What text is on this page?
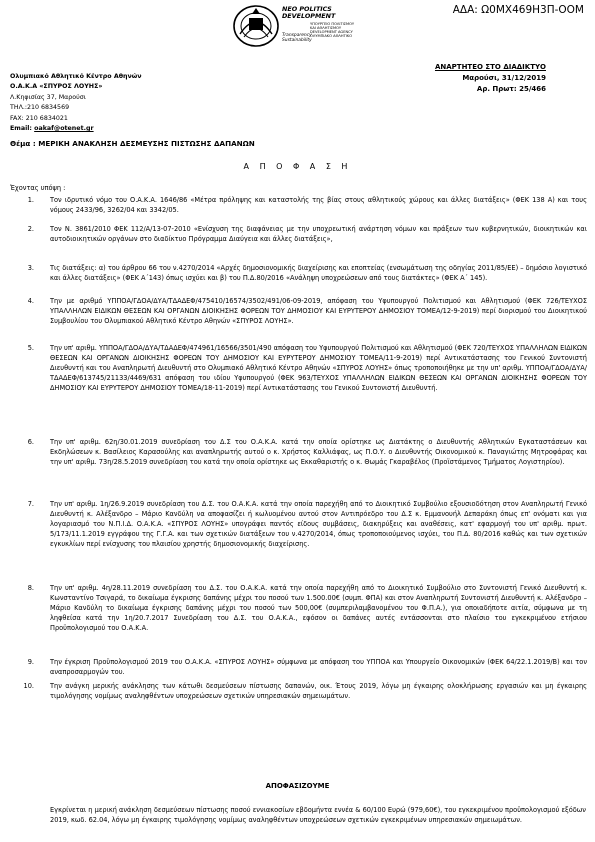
ΑΔΑ: Ω0ΜΧ469Η3Π-ΟΟΜ
NEO POLITICS
DEVELOPMENT
ΥΠΟΥΡΓΕΙΟ ΠΟΛΙΤΙΣΜΟΥ
ΚΑΙ ΑΘΛΗΤΙΣΜΟΥ
DEVELOPMENT AGENCY
ΟΛΥΜΠΙΑΚΟ ΑΘΛΗΤΙΚΟ
Transparency
Sustainability
Ολυμπιακό Αθλητικό Κέντρο Αθηνών
Ο.Α.Κ.Α «ΣΠΥΡΟΣ ΛΟΥΗΣ»
Λ.Κηφισίας 37, Μαρούσι
ΤΗΛ.:210 6834569
FAX: 210 6834021
Email: oakaf@otenet.gr
ΑΝΑΡΤΗΤΕΟ ΣΤΟ ΔΙΑΔΙΚΤΥΟ
Μαρούσι, 31/12/2019
Αρ. Πρωτ: 25/466
Θέμα : ΜΕΡΙΚΗ ΑΝΑΚΛΗΣΗ ΔΕΣΜΕΥΣΗΣ ΠΙΣΤΩΣΗΣ ΔΑΠΑΝΩΝ
Α Π Ο Φ Α Σ Η
Έχοντας υπόψη :
1. Τον ιδρυτικό νόμο του Ο.Α.Κ.Α. 1646/86 «Μέτρα πρόληψης και καταστολής της βίας στους αθλητικούς χώρους και άλλες διατάξεις» (ΦΕΚ 138 Α) και τους νόμους 2433/96, 3262/04 και 3342/05.
2. Τον Ν. 3861/2010 ΦΕΚ 112/Α/13-07-2010 «Ενίσχυση της διαφάνειας με την υποχρεωτική ανάρτηση νόμων και πράξεων των κυβερνητικών, διοικητικών και αυτοδιοικητικών οργάνων στο διαδίκτυο Πρόγραμμα Διαύγεια και άλλες διατάξεις»,
3. Τις διατάξεις: α) του άρθρου 66 του ν.4270/2014 «Αρχές δημοσιονομικής διαχείρισης και εποπτείας (ενσωμάτωση της οδηγίας 2011/85/ΕΕ) – δημόσιο λογιστικό και άλλες διατάξεις» (ΦΕΚ Α΄143) όπως ισχύει και β) του Π.Δ.80/2016 «Ανάληψη υποχρεώσεων από τους διατάκτες» (ΦΕΚ Α΄ 145).
4. Την με αριθμό ΥΠΠΟΑ/ΓΔΟΑ/ΔΥΑ/ΤΔΑΔΕΦ/475410/16574/3502/491/06-09-2019, απόφαση του Υφυπουργού Πολιτισμού και Αθλητισμού (ΦΕΚ 726/ΤΕΥΧΟΣ ΥΠΑΛΛΗΛΩΝ ΕΙΔΙΚΩΝ ΘΕΣΕΩΝ ΚΑΙ ΟΡΓΑΝΩΝ ΔΙΟΙΚΗΣΗΣ ΦΟΡΕΩΝ ΤΟΥ ΔΗΜΟΣΙΟΥ ΚΑΙ ΕΥΡΥΤΕΡΟΥ ΔΗΜΟΣΙΟΥ ΤΟΜΕΑ/12-9-2019) περί διορισμού του Διοικητικού Συμβουλίου του Ολυμπιακού Αθλητικό Κέντρο Αθηνών «ΣΠΥΡΟΣ ΛΟΥΗΣ».
5. Την υπ' αριθμ. ΥΠΠΟΑ/ΓΔΟΑ/ΔΥΑ/ΤΔΑΔΕΦ/474961/16566/3501/490 απόφαση του Υφυπουργού Πολιτισμού και Αθλητισμού (ΦΕΚ 720/ΤΕΥΧΟΣ ΥΠΑΛΛΗΛΩΝ ΕΙΔΙΚΩΝ ΘΕΣΕΩΝ ΚΑΙ ΟΡΓΑΝΩΝ ΔΙΟΙΚΗΣΗΣ ΦΟΡΕΩΝ ΤΟΥ ΔΗΜΟΣΙΟΥ ΚΑΙ ΕΥΡΥΤΕΡΟΥ ΔΗΜΟΣΙΟΥ ΤΟΜΕΑ/11-9-2019) περί Αντικατάστασης του Γενικού Συντονιστή Διευθυντή και του Αναπληρωτή Διευθυντή στο Ολυμπιακό Αθλητικό Κέντρο Αθηνών «ΣΠΥΡΟΣ ΛΟΥΗΣ» όπως τροποποιήθηκε με την υπ' αριθμ. ΥΠΠΟΑ/ΓΔΟΑ/ΔΥΑ/ΤΔΑΔΕΦ/613745/21133/4469/631 απόφαση του ιδίου Υφυπουργού (ΦΕΚ 963/ΤΕΥΧΟΣ ΥΠΑΛΛΗΛΩΝ ΕΙΔΙΚΩΝ ΘΕΣΕΩΝ ΚΑΙ ΟΡΓΑΝΩΝ ΔΙΟΙΚΗΣΗΣ ΦΟΡΕΩΝ ΤΟΥ ΔΗΜΟΣΙΟΥ ΚΑΙ ΕΥΡΥΤΕΡΟΥ ΔΗΜΟΣΙΟΥ ΤΟΜΕΑ/18-11-2019) περί Αντικατάστασης του Γενικού Συντονιστή Διευθυντή.
6. Την υπ' αριθμ. 62η/30.01.2019 συνεδρίαση του Δ.Σ του Ο.Α.Κ.Α. κατά την οποία ορίστηκε ως Διατάκτης ο Διευθυντής Αθλητικών Εγκαταστάσεων και Εκδηλώσεων κ. Βασίλειος Καρασούλης και αναπληρωτής αυτού ο κ. Χρήστος Καλλιάφας, ως Π.Ο.Υ. ο Διευθυντής Οικονομικού κ. Παναγιώτης Μητροφάρας και την υπ' αριθμ. 73η/28.5.2019 συνεδρίαση του κατά την οποία ορίστηκε ως Εκκαθαριστής ο κ. Θωμάς Γκαραβέλος (Προϊστάμενος Τμήματος Λογιστηρίου).
7. Την υπ' αριθμ. 1η/26.9.2019 συνεδρίαση του Δ.Σ. του Ο.Α.Κ.Α. κατά την οποία παρεχήθη από το Διοικητικό Συμβούλιο εξουσιοδότηση στον Αναπληρωτή Γενικό Διευθυντή κ. Αλέξανδρο – Μάριο Κανδύλη να αποφασίζει ή κωλυομένου αυτού στον Αντιπρόεδρο του Δ.Σ κ. Εμμανουήλ Δεπαράκη όπως επ' ονόματι και για λογαριασμό του Ν.Π.Ι.Δ. Ο.Α.Κ.Α. «ΣΠΥΡΟΣ ΛΟΥΗΣ» υπογράφει παντός είδους συμβάσεις, διακηρύξεις και αναθέσεις, κατ' εφαρμογή του υπ' αριθμ. πρωτ. 5/173/11.1.2019 εγγράφου της Γ.Γ.Α. και των σχετικών διατάξεων του ν.4270/2014, όπως τροποποιούμενος ισχύει, του Π.Δ. 80/2016 καθώς και των σχετικών εγκυκλίων περί ενίσχυσης του πλαισίου χρηστής δημοσιονομικής διαχείρισης.
8. Την υπ' αριθμ. 4η/28.11.2019 συνεδρίαση του Δ.Σ. του Ο.Α.Κ.Α. κατά την οποία παρεχήθη από το Διοικητικό Συμβούλιο στο Συντονιστή Γενικό Διευθυντή κ. Κωνσταντίνο Τσιγαρά, το δικαίωμα έγκρισης δαπάνης μέχρι του ποσού των 1.500.00€ (συμπ. ΦΠΑ) και στον Αναπληρωτή Συντονιστή Διευθυντή κ. Αλέξανδρο – Μάριο Κανδύλη το δικαίωμα έγκρισης δαπάνης μέχρι του ποσού των 500,00€ (συμπεριλαμβανομένου του Φ.Π.Α.), για οποιαδήποτε αιτία, σύμφωνα με τη ληφθείσα κατά την 1η/20.7.2017 Συνεδρίαση του Δ.Σ. του Ο.Α.Κ.Α., εφόσον οι δαπάνες αυτές εντάσσονται στο πλαίσιο του εγκεκριμένου ετήσιου Προϋπολογισμού του Ο.Α.Κ.Α.
9. Την έγκριση Προϋπολογισμού 2019 του Ο.Α.Κ.Α. «ΣΠΥΡΟΣ ΛΟΥΗΣ» σύμφωνα με απόφαση του ΥΠΠΟΑ και Υπουργείο Οικονομικών (ΦΕΚ 64/22.1.2019/Β) και τον αναπροσαρμογών του.
10. Την ανάγκη μερικής ανάκλησης των κάτωθι δεσμεύσεων πίστωσης δαπανών, οικ. Έτους 2019, λόγω μη έγκαιρης ολοκλήρωσης εργασιών και μη έγκαιρης τιμολόγησης νομίμως αναληφθέντων υποχρεώσεων σχετικών υπηρεσιακών σημειωμάτων.
ΑΠΟΦΑΣΙΖΟΥΜΕ
Εγκρίνεται η μερική ανάκληση δεσμεύσεων πίστωσης ποσού εννιακοσίων εβδομήντα εννέα & 60/100 Ευρώ (979,60€), του εγκεκριμένου προϋπολογισμού εξόδων 2019, κωδ. 62.04, λόγω μη έγκαιρης τιμολόγησης νομίμως αναληφθέντων υποχρεώσεων σχετικών εγκεκριμένων υπηρεσιακών σημειωμάτων.
